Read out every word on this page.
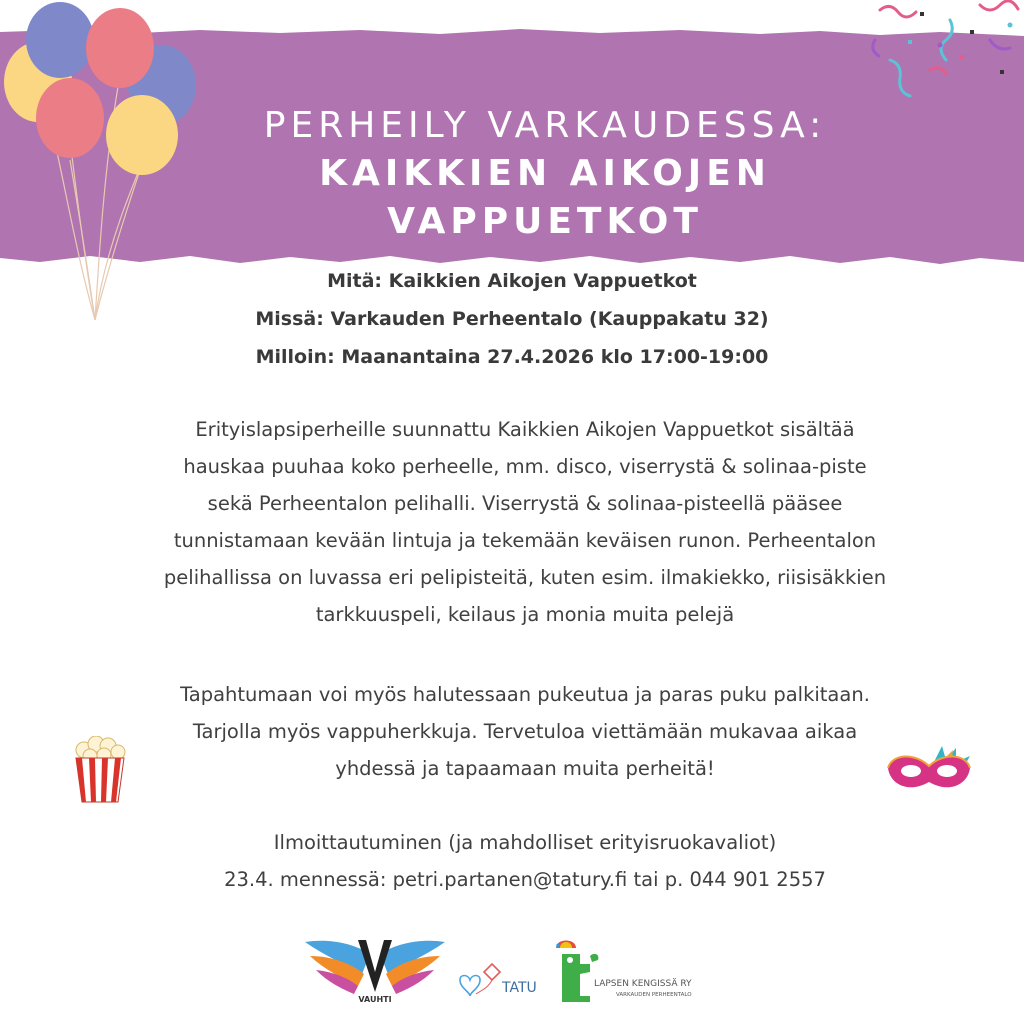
PERHEILY VARKAUDESSA:
KAIKKIEN AIKOJEN
VAPPUETKOT
Mitä: Kaikkien Aikojen Vappuetkot
Missä: Varkauden Perheentalo (Kauppakatu 32)
Milloin: Maanantaina 27.4.2026 klo 17:00-19:00
Erityislapsiperheille suunnattu Kaikkien Aikojen Vappuetkot sisältää
hauskaa puuhaa koko perheelle, mm. disco, viserrystä & solinaa-piste
sekä Perheentalon pelihalli. Viserrystä & solinaa-pisteellä pääsee
tunnistamaan kevään lintuja ja tekemään keväisen runon. Perheentalon
pelihallissa on luvassa eri pelipisteitä, kuten esim. ilmakiekko, riisisäkkien
tarkkuuspeli, keilaus ja monia muita pelejä
Tapahtumaan voi myös halutessaan pukeutua ja paras puku palkitaan.
Tarjolla myös vappuherkkuja. Tervetuloa viettämään mukavaa aikaa
yhdessä ja tapaamaan muita perheitä!
Ilmoittautuminen (ja mahdolliset erityisruokavaliot)
23.4. mennessä: petri.partanen@tatury.fi tai p. 044 901 2557
VAUHTI
TATU	LAPSEN KENGISSÄ RY
VARKAUDEN PERHEENTALO
